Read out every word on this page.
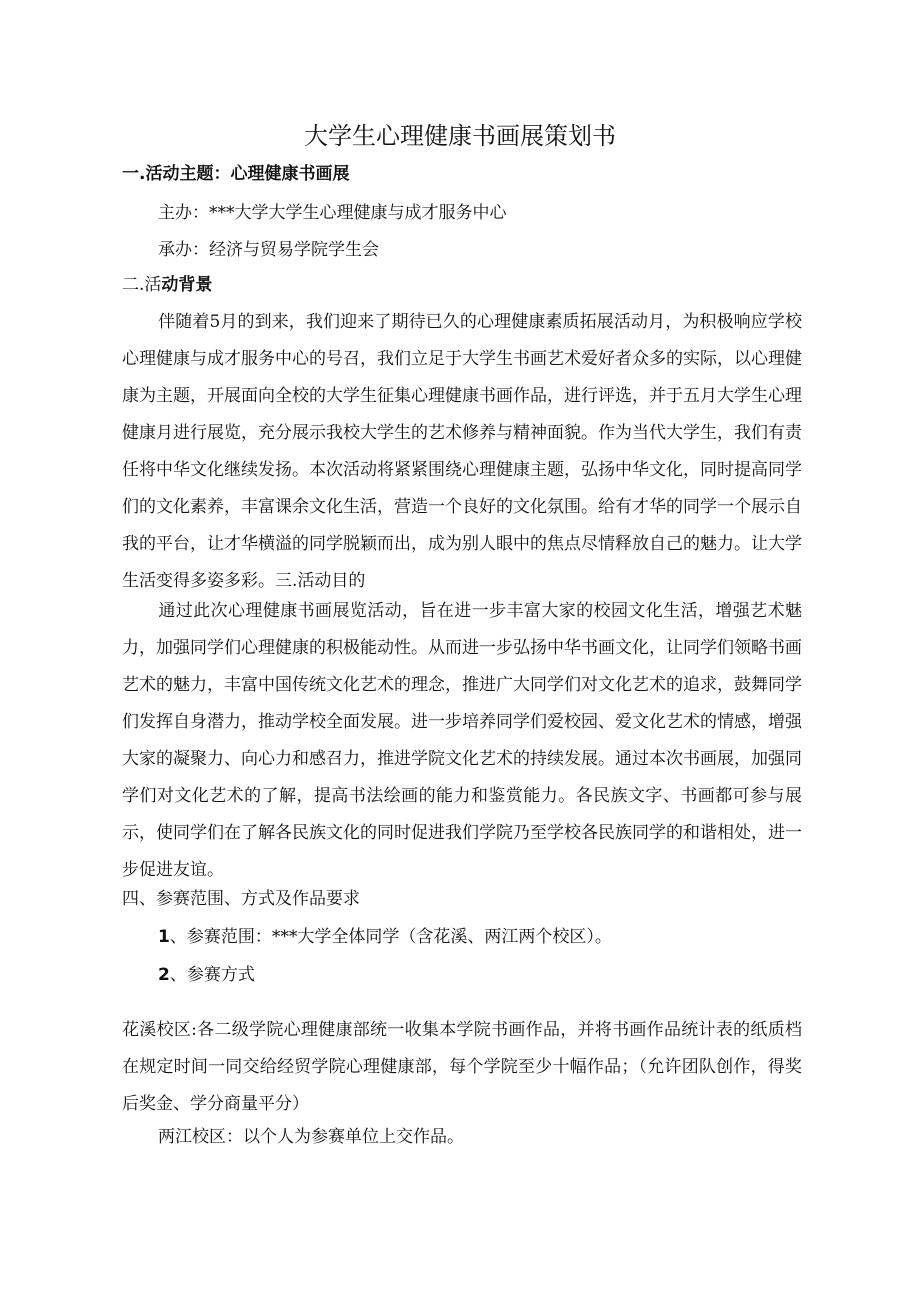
大学生心理健康书画展策划书
一.活动主题：心理健康书画展
主办：***大学大学生心理健康与成才服务中心
承办：经济与贸易学院学生会
二.活动背景
伴随着5月的到来，我们迎来了期待已久的心理健康素质拓展活动月，为积极响应学校心理健康与成才服务中心的号召，我们立足于大学生书画艺术爱好者众多的实际，以心理健康为主题，开展面向全校的大学生征集心理健康书画作品，进行评选，并于五月大学生心理健康月进行展览，充分展示我校大学生的艺术修养与精神面貌。作为当代大学生，我们有责任将中华文化继续发扬。本次活动将紧紧围绕心理健康主题，弘扬中华文化，同时提高同学们的文化素养，丰富课余文化生活，营造一个良好的文化氛围。给有才华的同学一个展示自我的平台，让才华横溢的同学脱颖而出，成为别人眼中的焦点尽情释放自己的魅力。让大学生活变得多姿多彩。三.活动目的
通过此次心理健康书画展览活动，旨在进一步丰富大家的校园文化生活，增强艺术魅力，加强同学们心理健康的积极能动性。从而进一步弘扬中华书画文化，让同学们领略书画艺术的魅力，丰富中国传统文化艺术的理念，推进广大同学们对文化艺术的追求，鼓舞同学们发挥自身潜力，推动学校全面发展。进一步培养同学们爱校园、爱文化艺术的情感，增强大家的凝聚力、向心力和感召力，推进学院文化艺术的持续发展。通过本次书画展，加强同学们对文化艺术的了解，提高书法绘画的能力和鉴赏能力。各民族文字、书画都可参与展示，使同学们在了解各民族文化的同时促进我们学院乃至学校各民族同学的和谐相处，进一步促进友谊。
四、参赛范围、方式及作品要求
1、参赛范围：***大学全体同学（含花溪、两江两个校区）。
2、参赛方式
花溪校区:各二级学院心理健康部统一收集本学院书画作品，并将书画作品统计表的纸质档在规定时间一同交给经贸学院心理健康部，每个学院至少十幅作品；（允许团队创作，得奖后奖金、学分商量平分）
两江校区：以个人为参赛单位上交作品。
